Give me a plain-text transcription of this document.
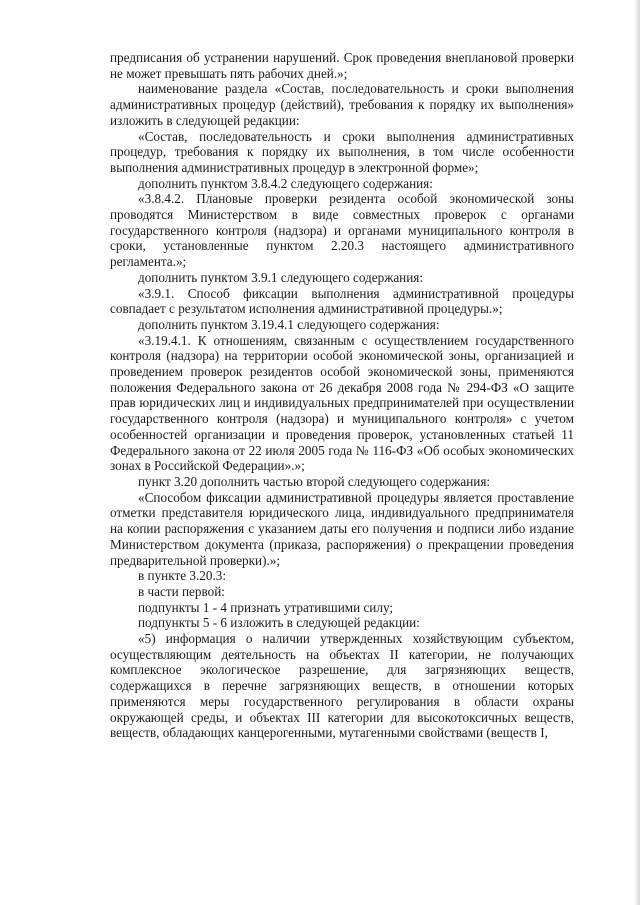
предписания об устранении нарушений. Срок проведения внеплановой проверки не может превышать пять рабочих дней.»;

наименование раздела «Состав, последовательность и сроки выполнения административных процедур (действий), требования к порядку их выполнения» изложить в следующей редакции:

«Состав, последовательность и сроки выполнения административных процедур, требования к порядку их выполнения, в том числе особенности выполнения административных процедур в электронной форме»;

дополнить пунктом 3.8.4.2 следующего содержания:

«3.8.4.2. Плановые проверки резидента особой экономической зоны проводятся Министерством в виде совместных проверок с органами государственного контроля (надзора) и органами муниципального контроля в сроки, установленные пунктом 2.20.3 настоящего административного регламента.»;

дополнить пунктом 3.9.1 следующего содержания:

«3.9.1. Способ фиксации выполнения административной процедуры совпадает с результатом исполнения административной процедуры.»;

дополнить пунктом 3.19.4.1 следующего содержания:

«3.19.4.1. К отношениям, связанным с осуществлением государственного контроля (надзора) на территории особой экономической зоны, организацией и проведением проверок резидентов особой экономической зоны, применяются положения Федерального закона от 26 декабря 2008 года № 294-ФЗ «О защите прав юридических лиц и индивидуальных предпринимателей при осуществлении государственного контроля (надзора) и муниципального контроля» с учетом особенностей организации и проведения проверок, установленных статьей 11 Федерального закона от 22 июля 2005 года № 116-ФЗ «Об особых экономических зонах в Российской Федерации».»;

пункт 3.20 дополнить частью второй следующего содержания:

«Способом фиксации административной процедуры является проставление отметки представителя юридического лица, индивидуального предпринимателя на копии распоряжения с указанием даты его получения и подписи либо издание Министерством документа (приказа, распоряжения) о прекращении проведения предварительной проверки).»;

в пункте 3.20.3:

в части первой:

подпункты 1 - 4 признать утратившими силу;

подпункты 5 - 6 изложить в следующей редакции:

«5) информация о наличии утвержденных хозяйствующим субъектом, осуществляющим деятельность на объектах II категории, не получающих комплексное экологическое разрешение, для загрязняющих веществ, содержащихся в перечне загрязняющих веществ, в отношении которых применяются меры государственного регулирования в области охраны окружающей среды, и объектах III категории для высокотоксичных веществ, веществ, обладающих канцерогенными, мутагенными свойствами (веществ I,
